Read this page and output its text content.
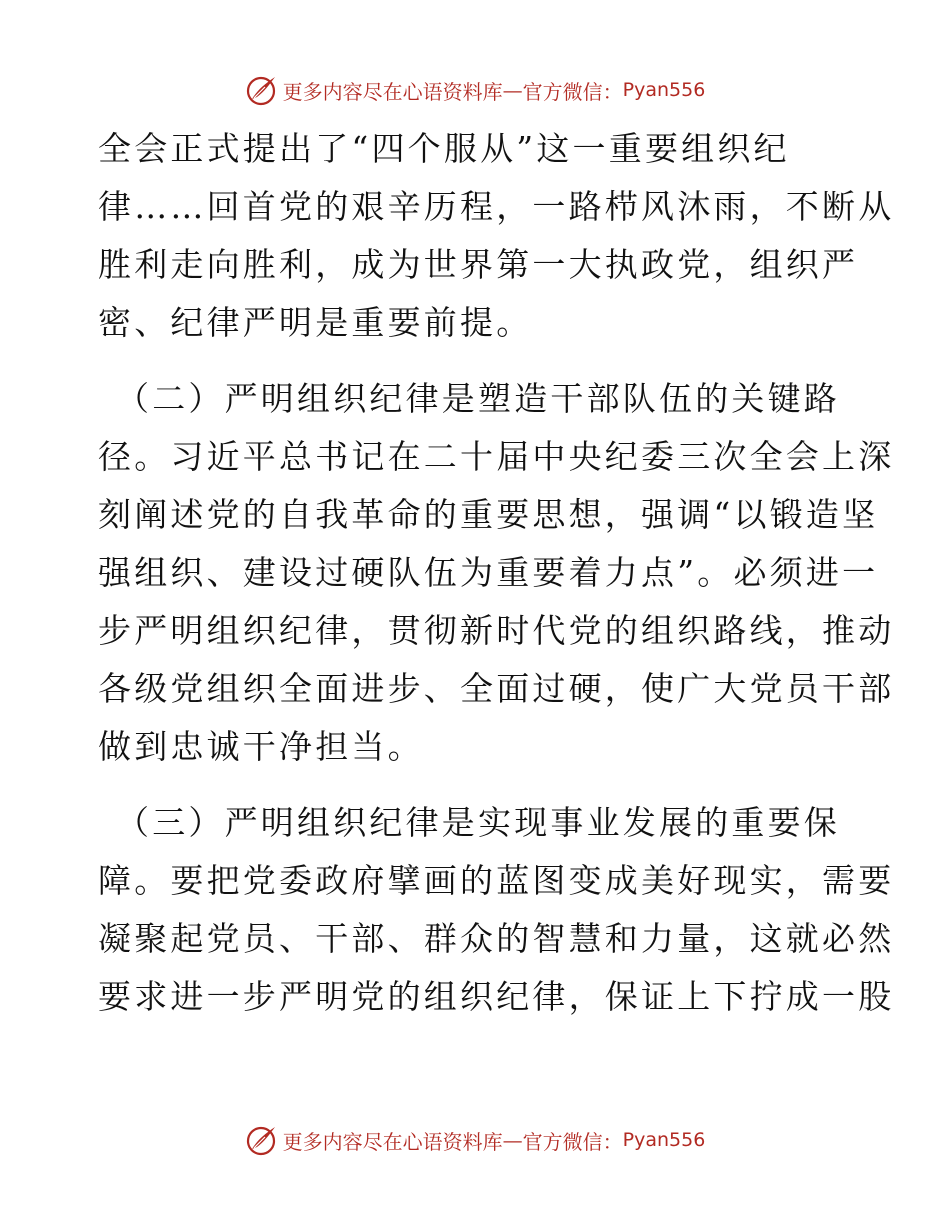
更多内容尽在心语资料库 — 官方微信： Pyan556
全会正式提出了“四个服从”这一重要组织纪
律……回首党的艰辛历程，一路栉风沐雨，不断从
胜利走向胜利，成为世界第一大执政党，组织严
密、纪律严明是重要前提。
（二）严明组织纪律是塑造干部队伍的关键路
径。习近平总书记在二十届中央纪委三次全会上深
刻阐述党的自我革命的重要思想，强调“以锻造坚
强组织、建设过硬队伍为重要着力点”。必须进一
步严明组织纪律，贯彻新时代党的组织路线，推动
各级党组织全面进步、全面过硬，使广大党员干部
做到忠诚干净担当。
（三）严明组织纪律是实现事业发展的重要保
障。要把党委政府擘画的蓝图变成美好现实，需要
凝聚起党员、干部、群众的智慧和力量，这就必然
要求进一步严明党的组织纪律，保证上下拧成一股
更多内容尽在心语资料库 — 官方微信： Pyan556
